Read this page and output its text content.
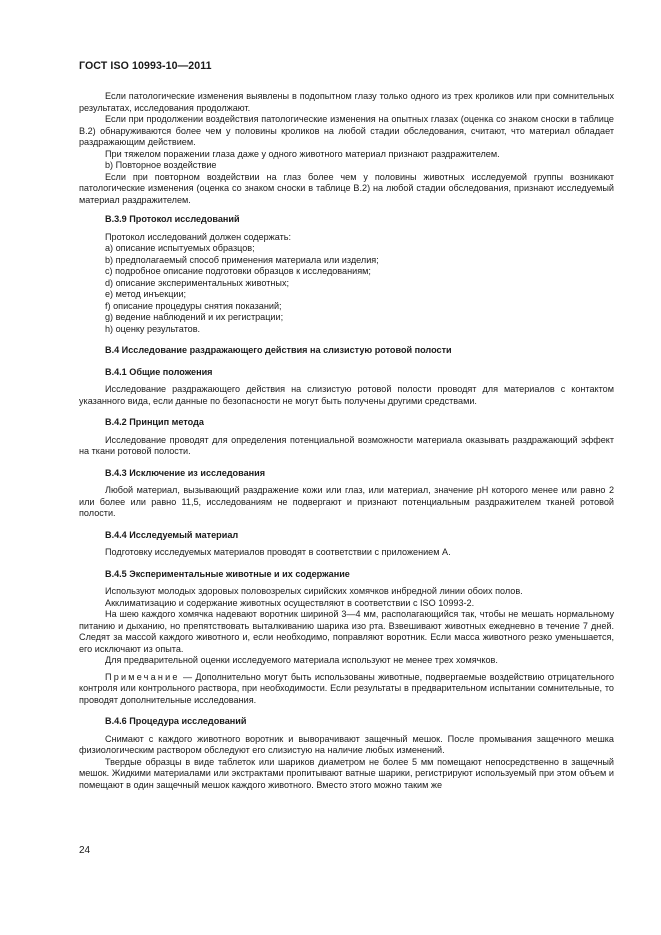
ГОСТ ISO 10993-10—2011

Если патологические изменения выявлены в подопытном глазу только одного из трех кроликов или при сомнительных результатах, исследования продолжают.

Если при продолжении воздействия патологические изменения на опытных глазах (оценка со знаком сноски в таблице В.2) обнаруживаются более чем у половины кроликов на любой стадии обследования, считают, что материал обладает раздражающим действием.

При тяжелом поражении глаза даже у одного животного материал признают раздражителем.

b) Повторное воздействие

Если при повторном воздействии на глаз более чем у половины животных исследуемой группы возникают патологические изменения (оценка со знаком сноски в таблице В.2) на любой стадии обследования, признают исследуемый материал раздражителем.

В.3.9 Протокол исследований

Протокол исследований должен содержать:

а) описание испытуемых образцов;

b) предполагаемый способ применения материала или изделия;

c) подробное описание подготовки образцов к исследованиям;

d) описание экспериментальных животных;

e) метод инъекции;

f) описание процедуры снятия показаний;

g) ведение наблюдений и их регистрации;

h) оценку результатов.

В.4 Исследование раздражающего действия на слизистую ротовой полости

В.4.1 Общие положения

Исследование раздражающего действия на слизистую ротовой полости проводят для материалов с контактом указанного вида, если данные по безопасности не могут быть получены другими средствами.

В.4.2 Принцип метода

Исследование проводят для определения потенциальной возможности материала оказывать раздражающий эффект на ткани ротовой полости.

В.4.3 Исключение из исследования

Любой материал, вызывающий раздражение кожи или глаз, или материал, значение рН которого менее или равно 2 или более или равно 11,5, исследованиям не подвергают и признают потенциальным раздражителем тканей ротовой полости.

В.4.4 Исследуемый материал

Подготовку исследуемых материалов проводят в соответствии с приложением А.

В.4.5 Экспериментальные животные и их содержание

Используют молодых здоровых половозрелых сирийских хомячков инбредной линии обоих полов.

Акклиматизацию и содержание животных осуществляют в соответствии с ISO 10993-2.

На шею каждого хомячка надевают воротник шириной 3—4 мм, располагающийся так, чтобы не мешать нормальному питанию и дыханию, но препятствовать выталкиванию шарика изо рта. Взвешивают животных ежедневно в течение 7 дней. Следят за массой каждого животного и, если необходимо, поправляют воротник. Если масса животного резко уменьшается, его исключают из опыта.

Для предварительной оценки исследуемого материала используют не менее трех хомячков.

Примечание — Дополнительно могут быть использованы животные, подвергаемые воздействию отрицательного контроля или контрольного раствора, при необходимости. Если результаты в предварительном испытании сомнительные, то проводят дополнительные исследования.

В.4.6 Процедура исследований

Снимают с каждого животного воротник и выворачивают защечный мешок. После промывания защечного мешка физиологическим раствором обследуют его слизистую на наличие любых изменений.

Твердые образцы в виде таблеток или шариков диаметром не более 5 мм помещают непосредственно в защечный мешок. Жидкими материалами или экстрактами пропитывают ватные шарики, регистрируют используемый при этом объем и помещают в один защечный мешок каждого животного. Вместо этого можно таким же

24
